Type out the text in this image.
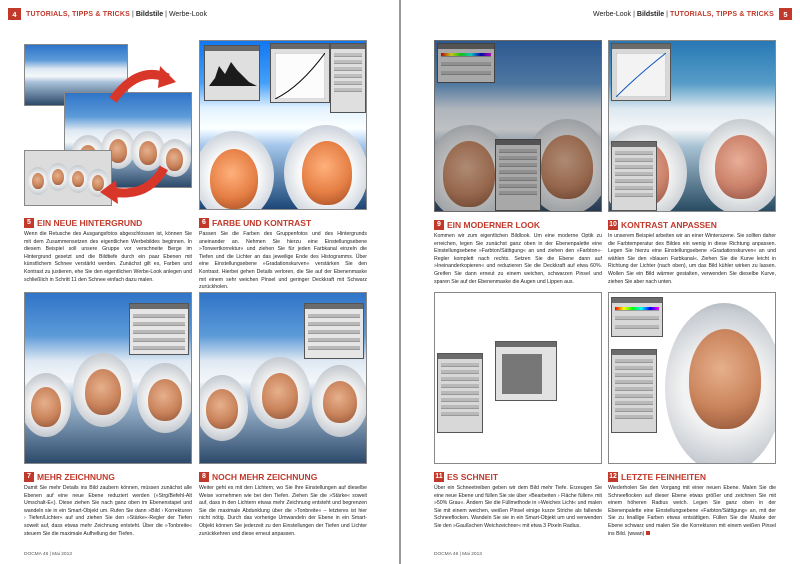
4	TUTORIALS, TIPPS & TRICKS | Bildstile | Werbe-Look
5 EIN NEUE HINTERGRUND

Wenn die Retusche des Ausgangsfotos abgeschlossen ist, können Sie mit dem Zusammensetzen des eigentlichen Werbebildes beginnen. In diesem Beispiel soll unsere Gruppe vor verschneite Berge im Hintergrund gesetzt und die Bildtiefe durch ein paar Ebenen mit künstlichem Schnee verstärkt werden. Zunächst gilt es, Farben und Kontrast zu justieren, ehe Sie den eigentlichen Werbe-Look anlegen und schließlich in Schritt 11 den Schnee einfach dazu malen.

6 FARBE UND KONTRAST

Passen Sie die Farben des Gruppenfotos und des Hintergrunds aneinander an. Nehmen Sie hierzu eine Einstellungsebene »Tonwertkorrektur« und ziehen Sie für jeden Farbkanal einzeln die Tiefen und die Lichter an das jeweilige Ende des Histogramms. Über eine Einstellungsebene »Gradationskurven« verstärken Sie den Kontrast. Hierbei gehen Details verloren, die Sie auf der Ebenenmaske mit einem sehr weichen Pinsel und geringer Deckkraft mit Schwarz zurückholen.

7 MEHR ZEICHNUNG

Damit Sie mehr Details ins Bild zaubern können, müssen zunächst alle Ebenen auf eine neue Ebene reduziert werden (»Strg/Befehl-Alt Umschalt-E«). Diese ziehen Sie nach ganz oben im Ebenenstapel und wandeln sie in ein Smart-Objekt um. Rufen Sie dann »Bild › Korrekturen › Tiefen/Lichter« auf und ziehen Sie den »Stärke«-Regler der Tiefen soweit auf, dass etwas mehr Zeichnung entsteht. Über die »Tonbreite« steuern Sie die maximale Aufhellung der Tiefen.

8 NOCH MEHR ZEICHNUNG

Weiter geht es mit den Lichtern, wo Sie Ihre Einstellungen auf dieselbe Weise vornehmen wie bei den Tiefen. Ziehen Sie die »Stärke« soweit auf, dass in den Lichtern etwas mehr Zeichnung entsteht und begrenzen Sie die maximale Abdunklung über die »Tonbreite« – letzteres ist hier nicht nötig. Durch das vorherige Umwandeln der Ebene in ein Smart-Objekt können Sie jederzeit zu den Einstellungen der Tiefen und Lichter zurückkehren und diese erneut anpassen.

DOCMA 46 | Mai 2013
Werbe-Look | Bildstile | TUTORIALS, TIPPS & TRICKS	5
9 EIN MODERNER LOOK

Kommen wir zum eigentlichen Bildlook. Um eine moderne Optik zu erreichen, legen Sie zunächst ganz oben in der Ebenenpalette eine Einstellungsebene »Farbton/Sättigung« an und ziehen den »Farbton«-Regler komplett nach rechts. Setzen Sie die Ebene dann auf »Ineinanderkopieren« und reduzieren Sie die Deckkraft auf etwa 60%. Greifen Sie dann erneut zu einem weichen, schwarzen Pinsel und sparen Sie auf der Ebenenmaske die Augen und Lippen aus.

10 KONTRAST ANPASSEN

In unserem Beispiel arbeiten wir an einer Winterszene. Sie sollten daher die Farbtemperatur des Bildes ein wenig in diese Richtung anpassen. Legen Sie hierzu eine Einstellungsebene »Gradationskurven« an und wählen Sie den »blauen Farbkanal«. Ziehen Sie die Kurve leicht in Richtung der Lichter (nach oben), um das Bild kühler wirken zu lassen. Wollen Sie ein Bild wärmer gestalten, verwenden Sie dieselbe Kurve, ziehen Sie aber nach unten.

11 ES SCHNEIT

Über ein Schneetreiben geben wir dem Bild mehr Tiefe. Erzeugen Sie eine neue Ebene und füllen Sie sie über »Bearbeiten › Fläche füllen« mit »50% Grau«. Ändern Sie die Füllmethode in »Weiches Licht« und malen Sie mit einem weichen, weißen Pinsel einige kurze Striche als fallende Schneeflocken. Wandeln Sie sie in ein Smart-Objekt um und verwenden Sie den »Gaußschen Weichzeichner« mit etwa 3 Pixeln Radius.

12 LETZTE FEINHEITEN

Wiederholen Sie den Vorgang mit einer neuen Ebene. Malen Sie die Schneeflocken auf dieser Ebene etwas größer und zeichnen Sie mit einem höheren Radius weich. Legen Sie ganz oben in der Ebenenpalette eine Einstellungsebene »Farbton/Sättigung« an, mit der Sie zu knallige Farben etwas entsättigen. Füllen Sie die Maske der Ebene schwarz und malen Sie die Korrekturen mit einem weißen Pinsel ins Bild. (wwan)

DOCMA 46 | Mai 2013
